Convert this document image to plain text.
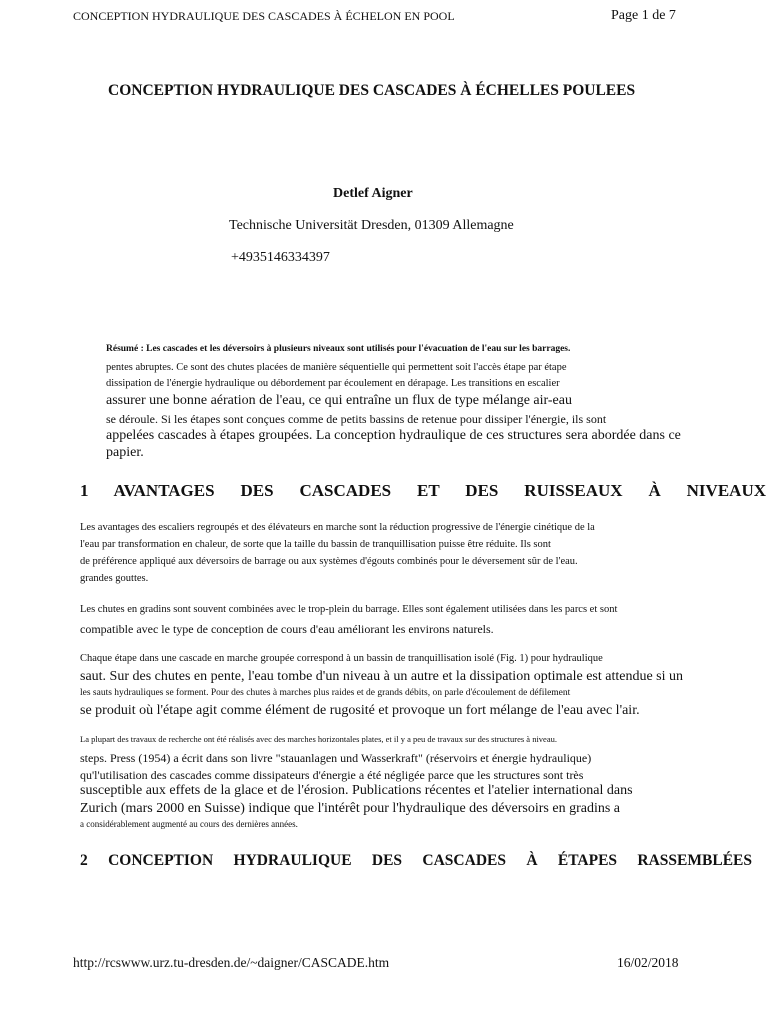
CONCEPTION HYDRAULIQUE DES CASCADES À ÉCHELON EN POOL	Page 1 de 7
CONCEPTION HYDRAULIQUE DES CASCADES À ÉCHELLES POULEES
Detlef Aigner
Technische Universität Dresden, 01309 Allemagne
+4935146334397
Résumé : Les cascades et les déversoirs à plusieurs niveaux sont utilisés pour l'évacuation de l'eau sur les barrages.
pentes abruptes. Ce sont des chutes placées de manière séquentielle qui permettent soit l'accès étape par étape
dissipation de l'énergie hydraulique ou débordement par écoulement en dérapage. Les transitions en escalier
assurer une bonne aération de l'eau, ce qui entraîne un flux de type mélange air-eau
se déroule. Si les étapes sont conçues comme de petits bassins de retenue pour dissiper l'énergie, ils sont
appelées cascades à étapes groupées. La conception hydraulique de ces structures sera abordée dans ce
papier.
1 AVANTAGES DES CASCADES ET DES RUISSEAUX À NIVEAUX
Les avantages des escaliers regroupés et des élévateurs en marche sont la réduction progressive de l'énergie cinétique de la
l'eau par transformation en chaleur, de sorte que la taille du bassin de tranquillisation puisse être réduite. Ils sont
de préférence appliqué aux déversoirs de barrage ou aux systèmes d'égouts combinés pour le déversement sûr de l'eau.
grandes gouttes.
Les chutes en gradins sont souvent combinées avec le trop-plein du barrage. Elles sont également utilisées dans les parcs et sont
compatible avec le type de conception de cours d'eau améliorant les environs naturels.
Chaque étape dans une cascade en marche groupée correspond à un bassin de tranquillisation isolé (Fig. 1) pour hydraulique
saut. Sur des chutes en pente, l'eau tombe d'un niveau à un autre et la dissipation optimale est attendue si un
les sauts hydrauliques se forment. Pour des chutes à marches plus raides et de grands débits, on parle d'écoulement de défilement
se produit où l'étape agit comme élément de rugosité et provoque un fort mélange de l'eau avec l'air.
La plupart des travaux de recherche ont été réalisés avec des marches horizontales plates, et il y a peu de travaux sur des structures à niveau.
steps. Press (1954) a écrit dans son livre "stauanlagen und Wasserkraft" (réservoirs et énergie hydraulique)
qu'l'utilisation des cascades comme dissipateurs d'énergie a été négligée parce que les structures sont très
susceptible aux effets de la glace et de l'érosion. Publications récentes et l'atelier international dans
Zurich (mars 2000 en Suisse) indique que l'intérêt pour l'hydraulique des déversoirs en gradins a
a considérablement augmenté au cours des dernières années.
2 CONCEPTION HYDRAULIQUE DES CASCADES À ÉTAPES RASSEMBLÉES
http://rcswww.urz.tu-dresden.de/~daigner/CASCADE.htm	16/02/2018
